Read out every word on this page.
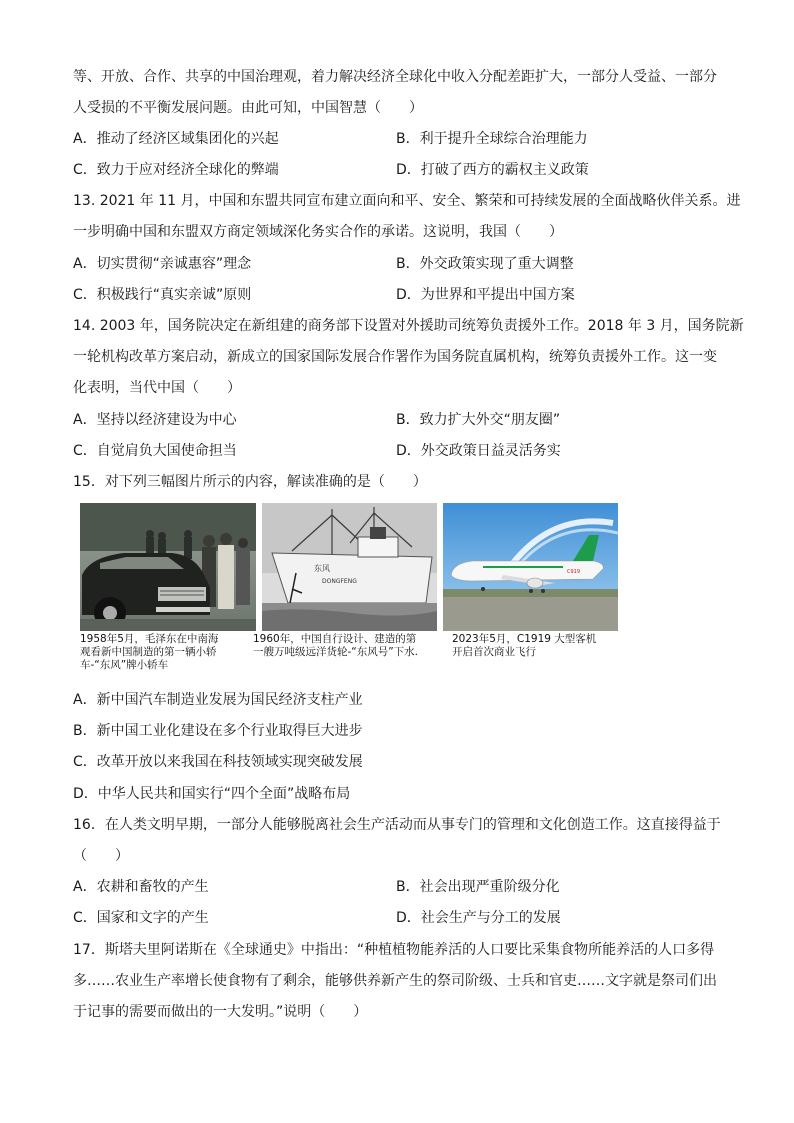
等、开放、合作、共享的中国治理观，着力解决经济全球化中收入分配差距扩大，一部分人受益、一部分
人受损的不平衡发展问题。由此可知，中国智慧（　　）
A．推动了经济区域集团化的兴起	B．利于提升全球综合治理能力
C．致力于应对经济全球化的弊端	D．打破了西方的霸权主义政策
13. 2021 年 11 月，中国和东盟共同宣布建立面向和平、安全、繁荣和可持续发展的全面战略伙伴关系。进
一步明确中国和东盟双方商定领域深化务实合作的承诺。这说明，我国（　　）
A．切实贯彻“亲诚惠容”理念	B．外交政策实现了重大调整
C．积极践行“真实亲诚”原则	D．为世界和平提出中国方案
14. 2003 年，国务院决定在新组建的商务部下设置对外援助司统筹负责援外工作。2018 年 3 月，国务院新
一轮机构改革方案启动，新成立的国家国际发展合作署作为国务院直属机构，统筹负责援外工作。这一变
化表明，当代中国（　　）
A．坚持以经济建设为中心	B．致力扩大外交“朋友圈”
C．自觉肩负大国使命担当	D．外交政策日益灵活务实
15．对下列三幅图片所示的内容，解读准确的是（　　）
东风
DONGFENG
C919
1958年5月，毛泽东在中南海
观看新中国制造的第一辆小轿
车-“东风”牌小轿车
1960年，中国自行设计、建造的第
一艘万吨级远洋货轮-“东风号”下水.
2023年5月，C1919 大型客机
开启首次商业飞行
A．新中国汽车制造业发展为国民经济支柱产业
B．新中国工业化建设在多个行业取得巨大进步
C．改革开放以来我国在科技领域实现突破发展
D．中华人民共和国实行“四个全面”战略布局
16．在人类文明早期，一部分人能够脱离社会生产活动而从事专门的管理和文化创造工作。这直接得益于
（　　）
A．农耕和畜牧的产生	B．社会出现严重阶级分化
C．国家和文字的产生	D．社会生产与分工的发展
17．斯塔夫里阿诺斯在《全球通史》中指出：“种植植物能养活的人口要比采集食物所能养活的人口多得
多……农业生产率增长使食物有了剩余，能够供养新产生的祭司阶级、士兵和官吏……文字就是祭司们出
于记事的需要而做出的一大发明。”说明（　　）
